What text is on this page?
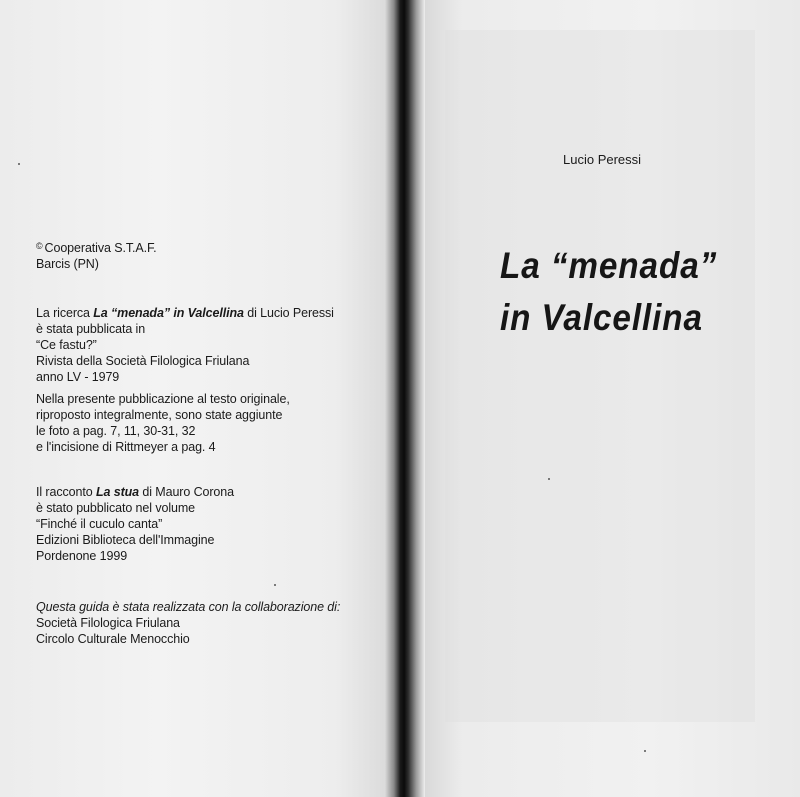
© Cooperativa S.T.A.F.
Barcis (PN)
La ricerca La “menada” in Valcellina di Lucio Peressi
è stata pubblicata in
“Ce fastu?”
Rivista della Società Filologica Friulana
anno LV - 1979
Nella presente pubblicazione al testo originale,
riproposto integralmente, sono state aggiunte
le foto a pag. 7, 11, 30-31, 32
e l'incisione di Rittmeyer a pag. 4
Il racconto La stua di Mauro Corona
è stato pubblicato nel volume
“Finché il cuculo canta”
Edizioni Biblioteca dell'Immagine
Pordenone 1999
Questa guida è stata realizzata con la collaborazione di:
Società Filologica Friulana
Circolo Culturale Menocchio
Lucio Peressi
La “menada”
in Valcellina
